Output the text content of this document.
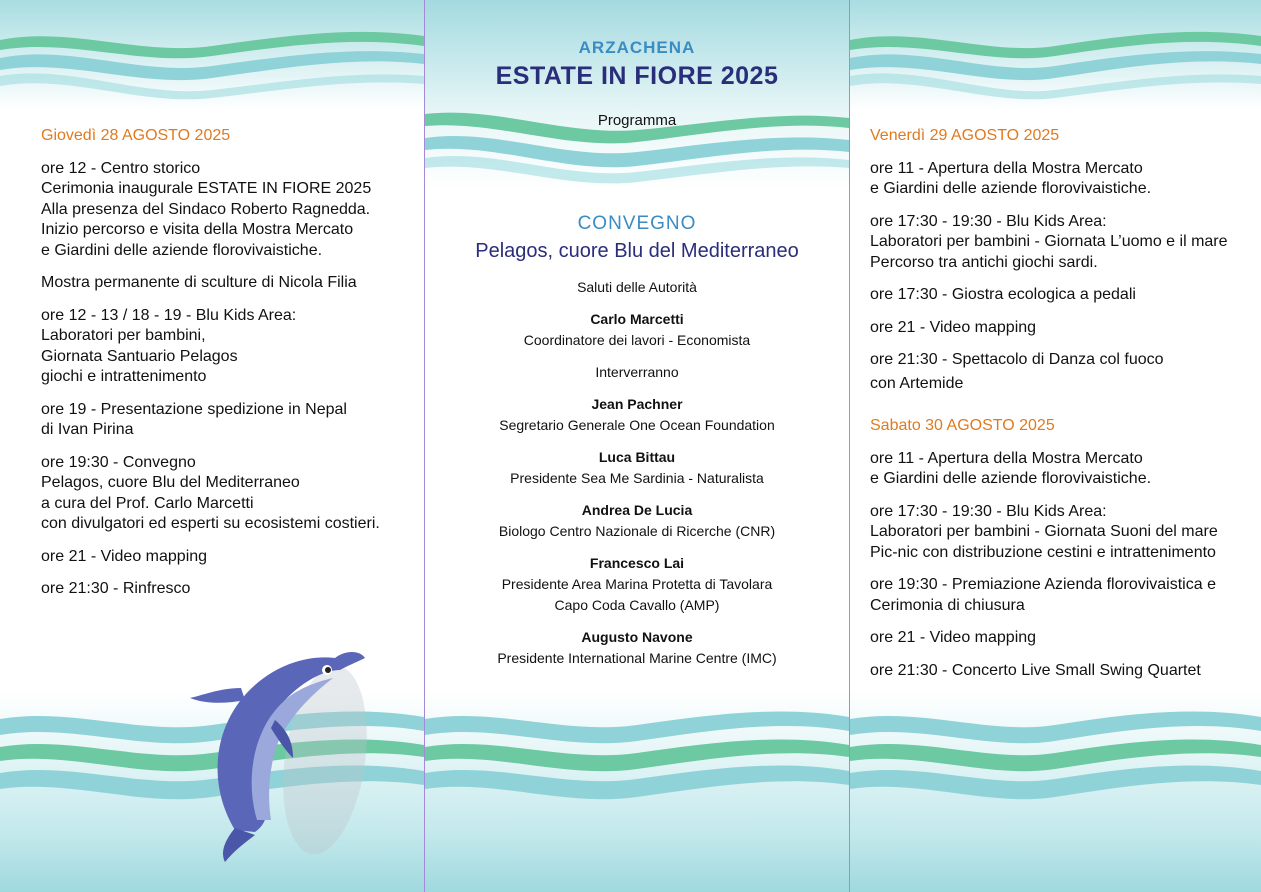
Giovedì 28 AGOSTO 2025

ore 12 - Centro storico

Cerimonia inaugurale ESTATE IN FIORE 2025

Alla presenza del Sindaco Roberto Ragnedda.

Inizio percorso e visita della Mostra Mercato

e Giardini delle aziende florovivaistiche.

Mostra permanente di sculture di Nicola Filia

ore 12 - 13 / 18 - 19 - Blu Kids Area:

Laboratori per bambini,

Giornata Santuario Pelagos

giochi e intrattenimento

ore 19 - Presentazione spedizione in Nepal

di Ivan Pirina

ore 19:30 - Convegno

Pelagos, cuore Blu del Mediterraneo

a cura del Prof. Carlo Marcetti

con divulgatori ed esperti su ecosistemi costieri.

ore 21 - Video mapping

ore 21:30 - Rinfresco

ARZACHENA
ESTATE IN FIORE 2025
Programma
CONVEGNO
Pelagos, cuore Blu del Mediterraneo
Saluti delle Autorità
Carlo Marcetti
Coordinatore dei lavori - Economista
Interverranno
Jean Pachner
Segretario Generale One Ocean Foundation
Luca Bittau
Presidente Sea Me Sardinia - Naturalista
Andrea De Lucia
Biologo Centro Nazionale di Ricerche (CNR)
Francesco Lai
Presidente Area Marina Protetta di Tavolara
Capo Coda Cavallo (AMP)
Augusto Navone
Presidente International Marine Centre (IMC)
Venerdì 29 AGOSTO 2025

ore 11 - Apertura della Mostra Mercato

e Giardini delle aziende florovivaistiche.

ore 17:30 - 19:30 - Blu Kids Area:

Laboratori per bambini - Giornata L’uomo e il mare

Percorso tra antichi giochi sardi.

ore 17:30 - Giostra ecologica a pedali

ore 21 - Video mapping

ore 21:30 - Spettacolo di Danza col fuoco

con Artemide

Sabato 30 AGOSTO 2025

ore 11 - Apertura della Mostra Mercato

e Giardini delle aziende florovivaistiche.

ore 17:30 - 19:30 - Blu Kids Area:

Laboratori per bambini - Giornata Suoni del mare

Pic-nic con distribuzione cestini e intrattenimento

ore 19:30 - Premiazione Azienda florovivaistica e

Cerimonia di chiusura

ore 21 - Video mapping

ore 21:30 - Concerto Live Small Swing Quartet
